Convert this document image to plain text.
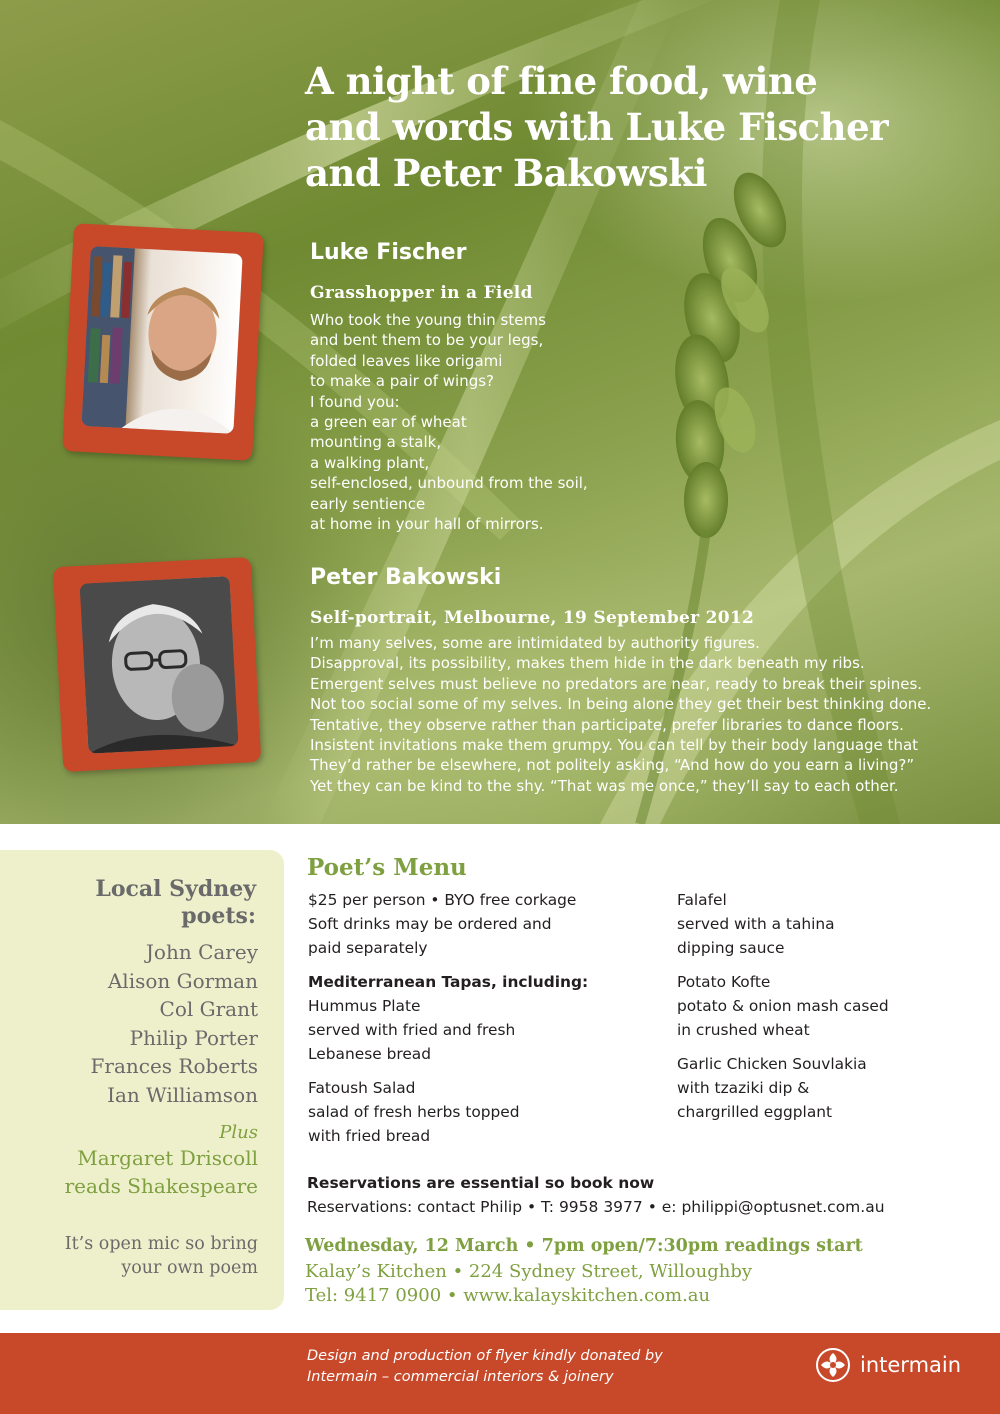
A night of fine food, wine
and words with Luke Fischer
and Peter Bakowski
Luke Fischer
Grasshopper in a Field
Who took the young thin stems
and bent them to be your legs,
folded leaves like origami
to make a pair of wings?
I found you:
a green ear of wheat
mounting a stalk,
a walking plant,
self-enclosed, unbound from the soil,
early sentience
at home in your hall of mirrors.
Peter Bakowski
Self-portrait, Melbourne, 19 September 2012
I’m many selves, some are intimidated by authority figures.
Disapproval, its possibility, makes them hide in the dark beneath my ribs.
Emergent selves must believe no predators are near, ready to break their spines.
Not too social some of my selves. In being alone they get their best thinking done.
Tentative, they observe rather than participate, prefer libraries to dance floors.
Insistent invitations make them grumpy. You can tell by their body language that
They’d rather be elsewhere, not politely asking, “And how do you earn a living?”
Yet they can be kind to the shy. “That was me once,” they’ll say to each other.
Local Sydney
poets:
John Carey
Alison Gorman
Col Grant
Philip Porter
Frances Roberts
Ian Williamson
Plus
Margaret Driscoll
reads Shakespeare
It’s open mic so bring
your own poem
Poet’s Menu
$25 per person • BYO free corkage
Soft drinks may be ordered and
paid separately
Mediterranean Tapas, including:
Hummus Plate
served with fried and fresh
Lebanese bread
Fatoush Salad
salad of fresh herbs topped
with fried bread
Falafel
served with a tahina
dipping sauce
Potato Kofte
potato & onion mash cased
in crushed wheat
Garlic Chicken Souvlakia
with tzaziki dip &
chargrilled eggplant
Reservations are essential so book now
Reservations: contact Philip • T: 9958 3977 • e: philippi@optusnet.com.au
Wednesday, 12 March • 7pm open/7:30pm readings start
Kalay’s Kitchen • 224 Sydney Street, Willoughby
Tel: 9417 0900 • www.kalayskitchen.com.au
Design and production of flyer kindly donated by
Intermain – commercial interiors & joinery	intermain
